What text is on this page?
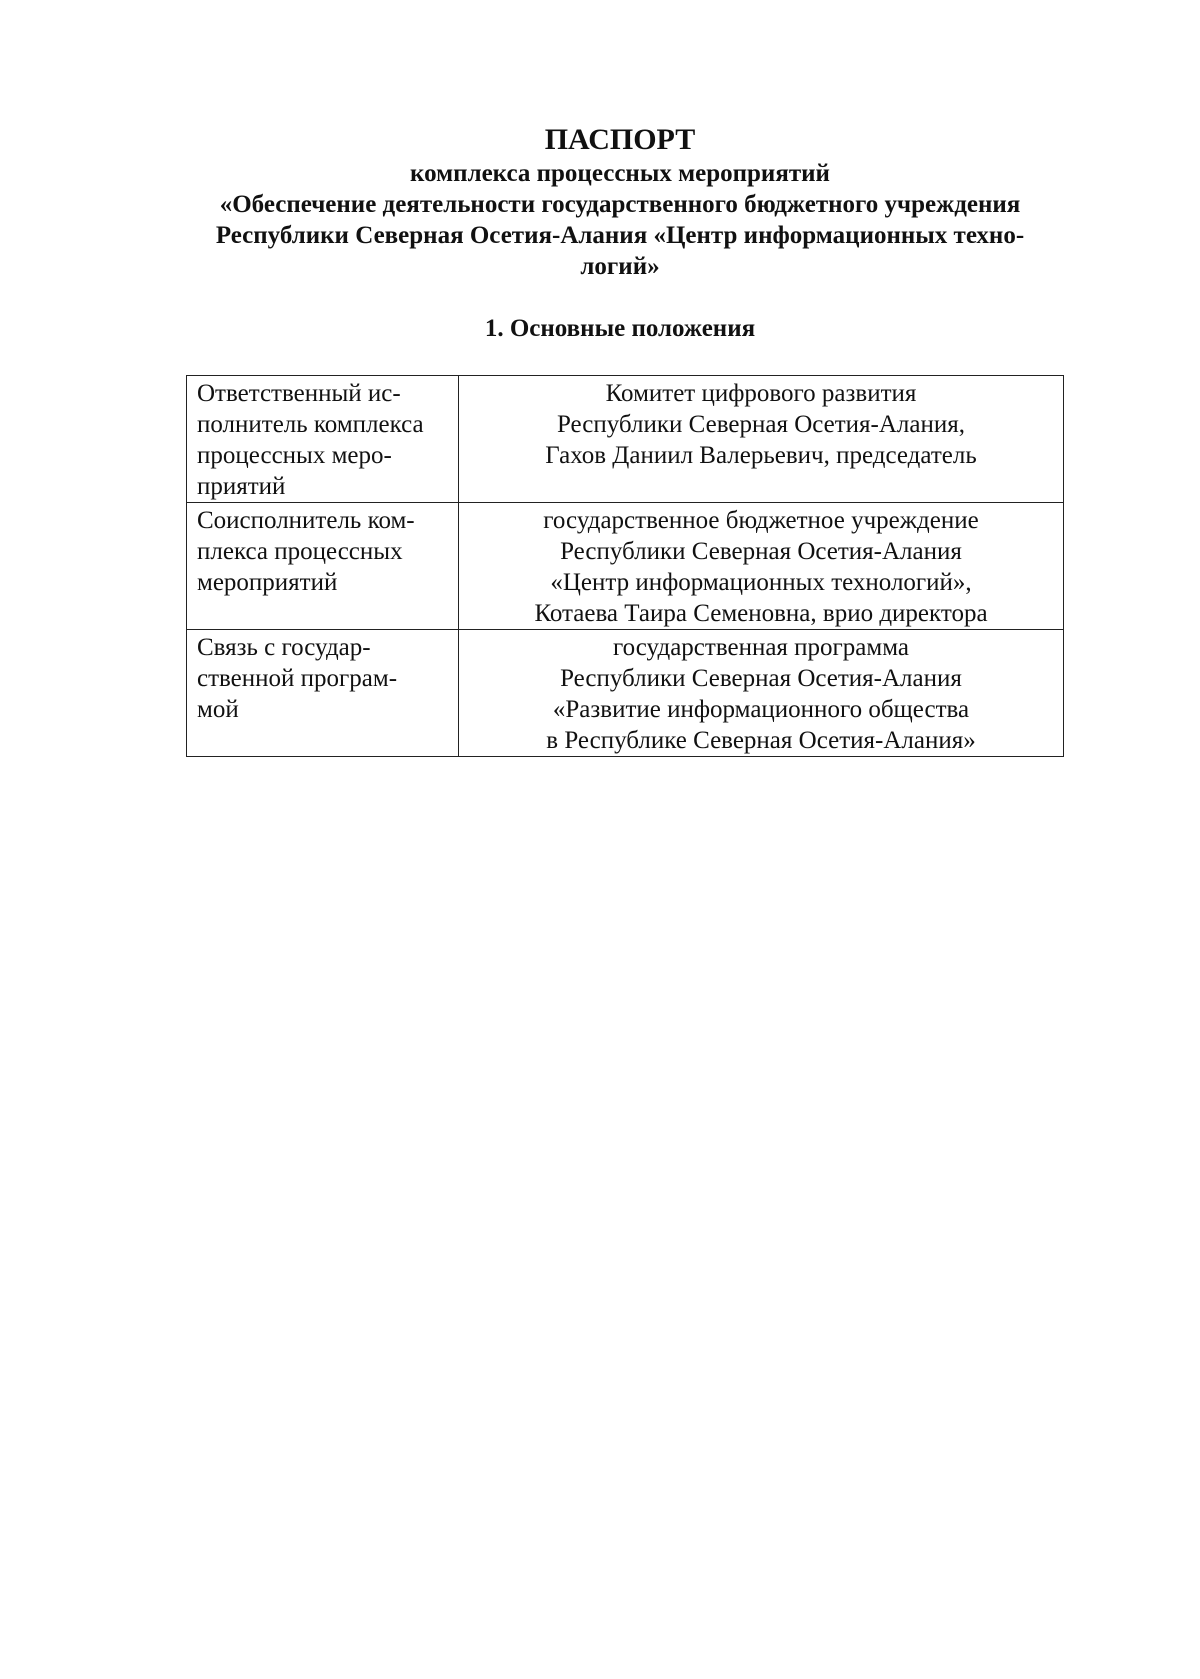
ПАСПОРТ
комплекса процессных мероприятий
«Обеспечение деятельности государственного бюджетного учреждения
Республики Северная Осетия-Алания «Центр информационных техно-
логий»
1. Основные положения
Ответственный ис-
полнитель комплекса
процессных меро-
приятий	Комитет цифрового развития
Республики Северная Осетия-Алания,
Гахов Даниил Валерьевич, председатель

Соисполнитель ком-
плекса процессных
мероприятий	государственное бюджетное учреждение
Республики Северная Осетия-Алания
«Центр информационных технологий»,
Котаева Таира Семеновна, врио директора

Связь с государ-
ственной програм-
мой	государственная программа
Республики Северная Осетия-Алания
«Развитие информационного общества
в Республике Северная Осетия-Алания»
